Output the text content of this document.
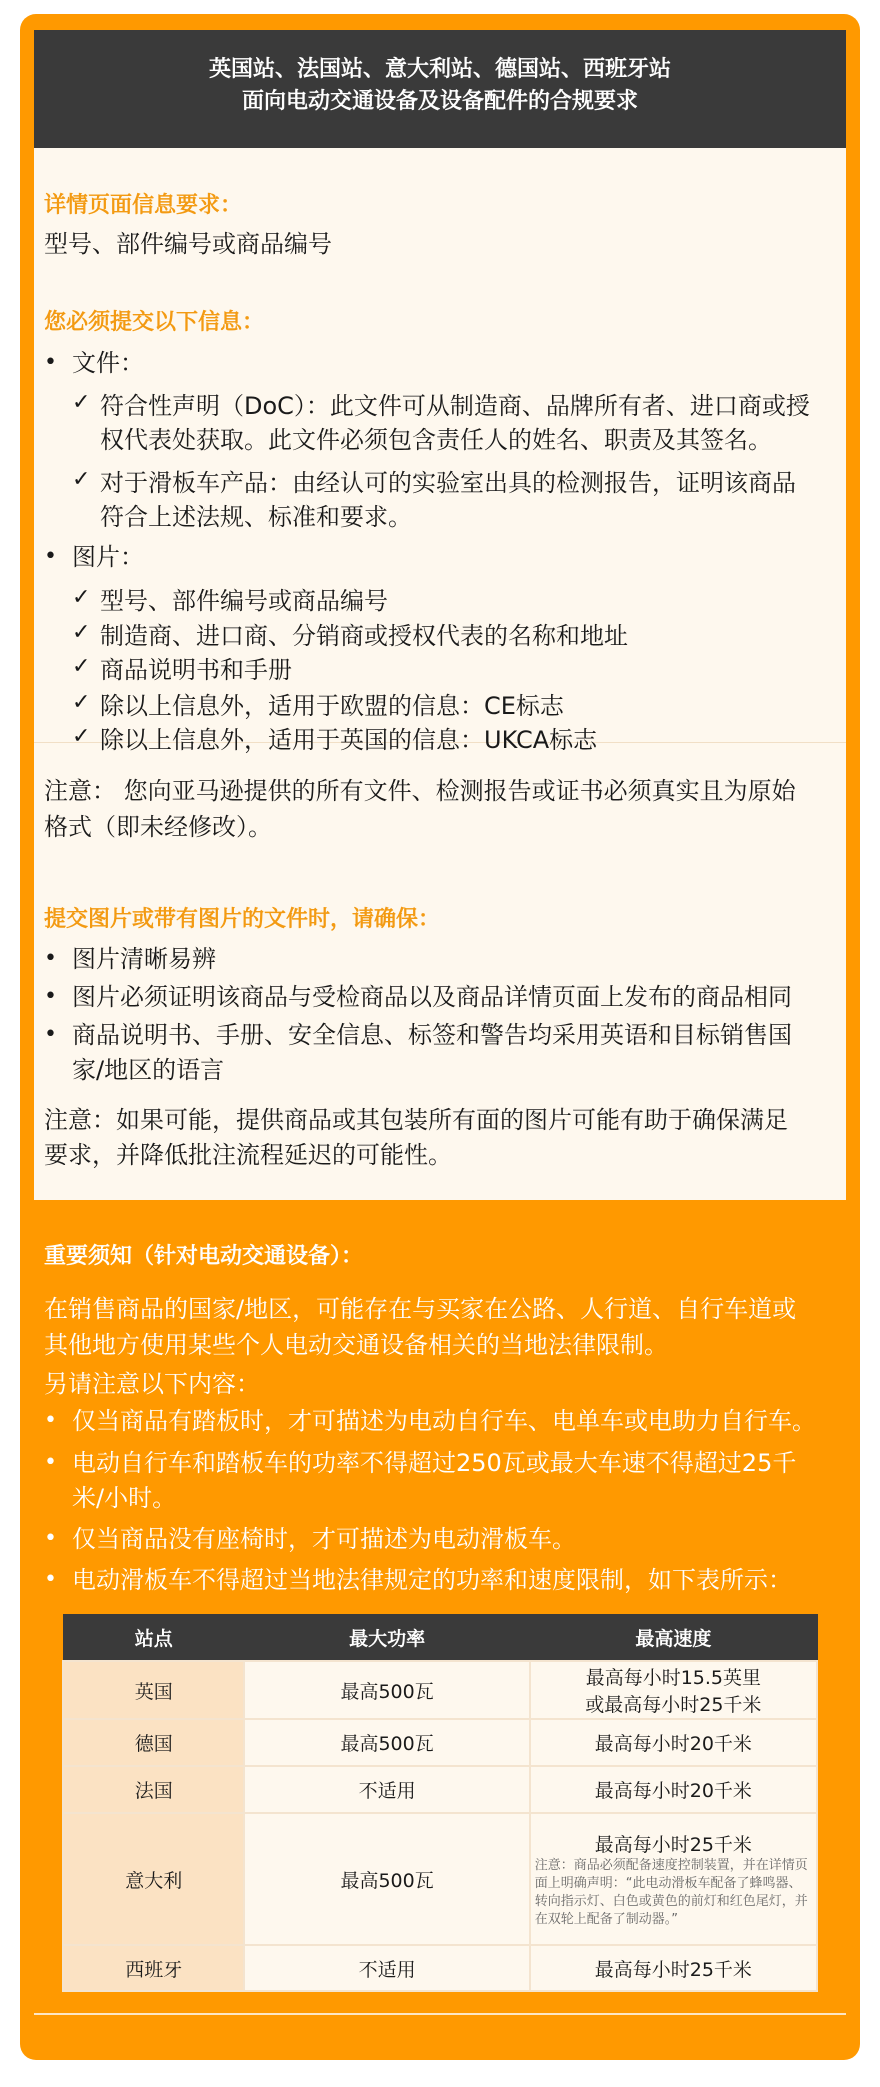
英国站、法国站、意大利站、德国站、西班牙站
面向电动交通设备及设备配件的合规要求
详情页面信息要求：
型号、部件编号或商品编号
您必须提交以下信息：
• 文件：
✓ 符合性声明（DoC）：此文件可从制造商、品牌所有者、进口商或授
权代表处获取。此文件必须包含责任人的姓名、职责及其签名。
✓ 对于滑板车产品：由经认可的实验室出具的检测报告，证明该商品
符合上述法规、标准和要求。
• 图片：
✓ 型号、部件编号或商品编号
✓ 制造商、进口商、分销商或授权代表的名称和地址
✓ 商品说明书和手册
✓ 除以上信息外，适用于欧盟的信息：CE标志
✓ 除以上信息外，适用于英国的信息：UKCA标志
注意： 您向亚马逊提供的所有文件、检测报告或证书必须真实且为原始
格式（即未经修改）。
提交图片或带有图片的文件时，请确保：
• 图片清晰易辨
• 图片必须证明该商品与受检商品以及商品详情页面上发布的商品相同
• 商品说明书、手册、安全信息、标签和警告均采用英语和目标销售国
家/地区的语言
注意：如果可能，提供商品或其包装所有面的图片可能有助于确保满足
要求，并降低批注流程延迟的可能性。
重要须知（针对电动交通设备）：
在销售商品的国家/地区，可能存在与买家在公路、人行道、自行车道或
其他地方使用某些个人电动交通设备相关的当地法律限制。
另请注意以下内容：
• 仅当商品有踏板时，才可描述为电动自行车、电单车或电助力自行车。
• 电动自行车和踏板车的功率不得超过250瓦或最大车速不得超过25千
米/小时。
• 仅当商品没有座椅时，才可描述为电动滑板车。
• 电动滑板车不得超过当地法律规定的功率和速度限制，如下表所示：
站点	最大功率	最高速度
英国	最高500瓦	最高每小时15.5英里
或最高每小时25千米

德国	最高500瓦	最高每小时20千米
法国	不适用	最高每小时20千米
意大利	最高500瓦	最高每小时25千米
注意：商品必须配备速度控制装置，并在详情页面上明确声明：“此电动滑板车配备了蜂鸣器、转向指示灯、白色或黄色的前灯和红色尾灯，并在双轮上配备了制动器。”

西班牙	不适用	最高每小时25千米
